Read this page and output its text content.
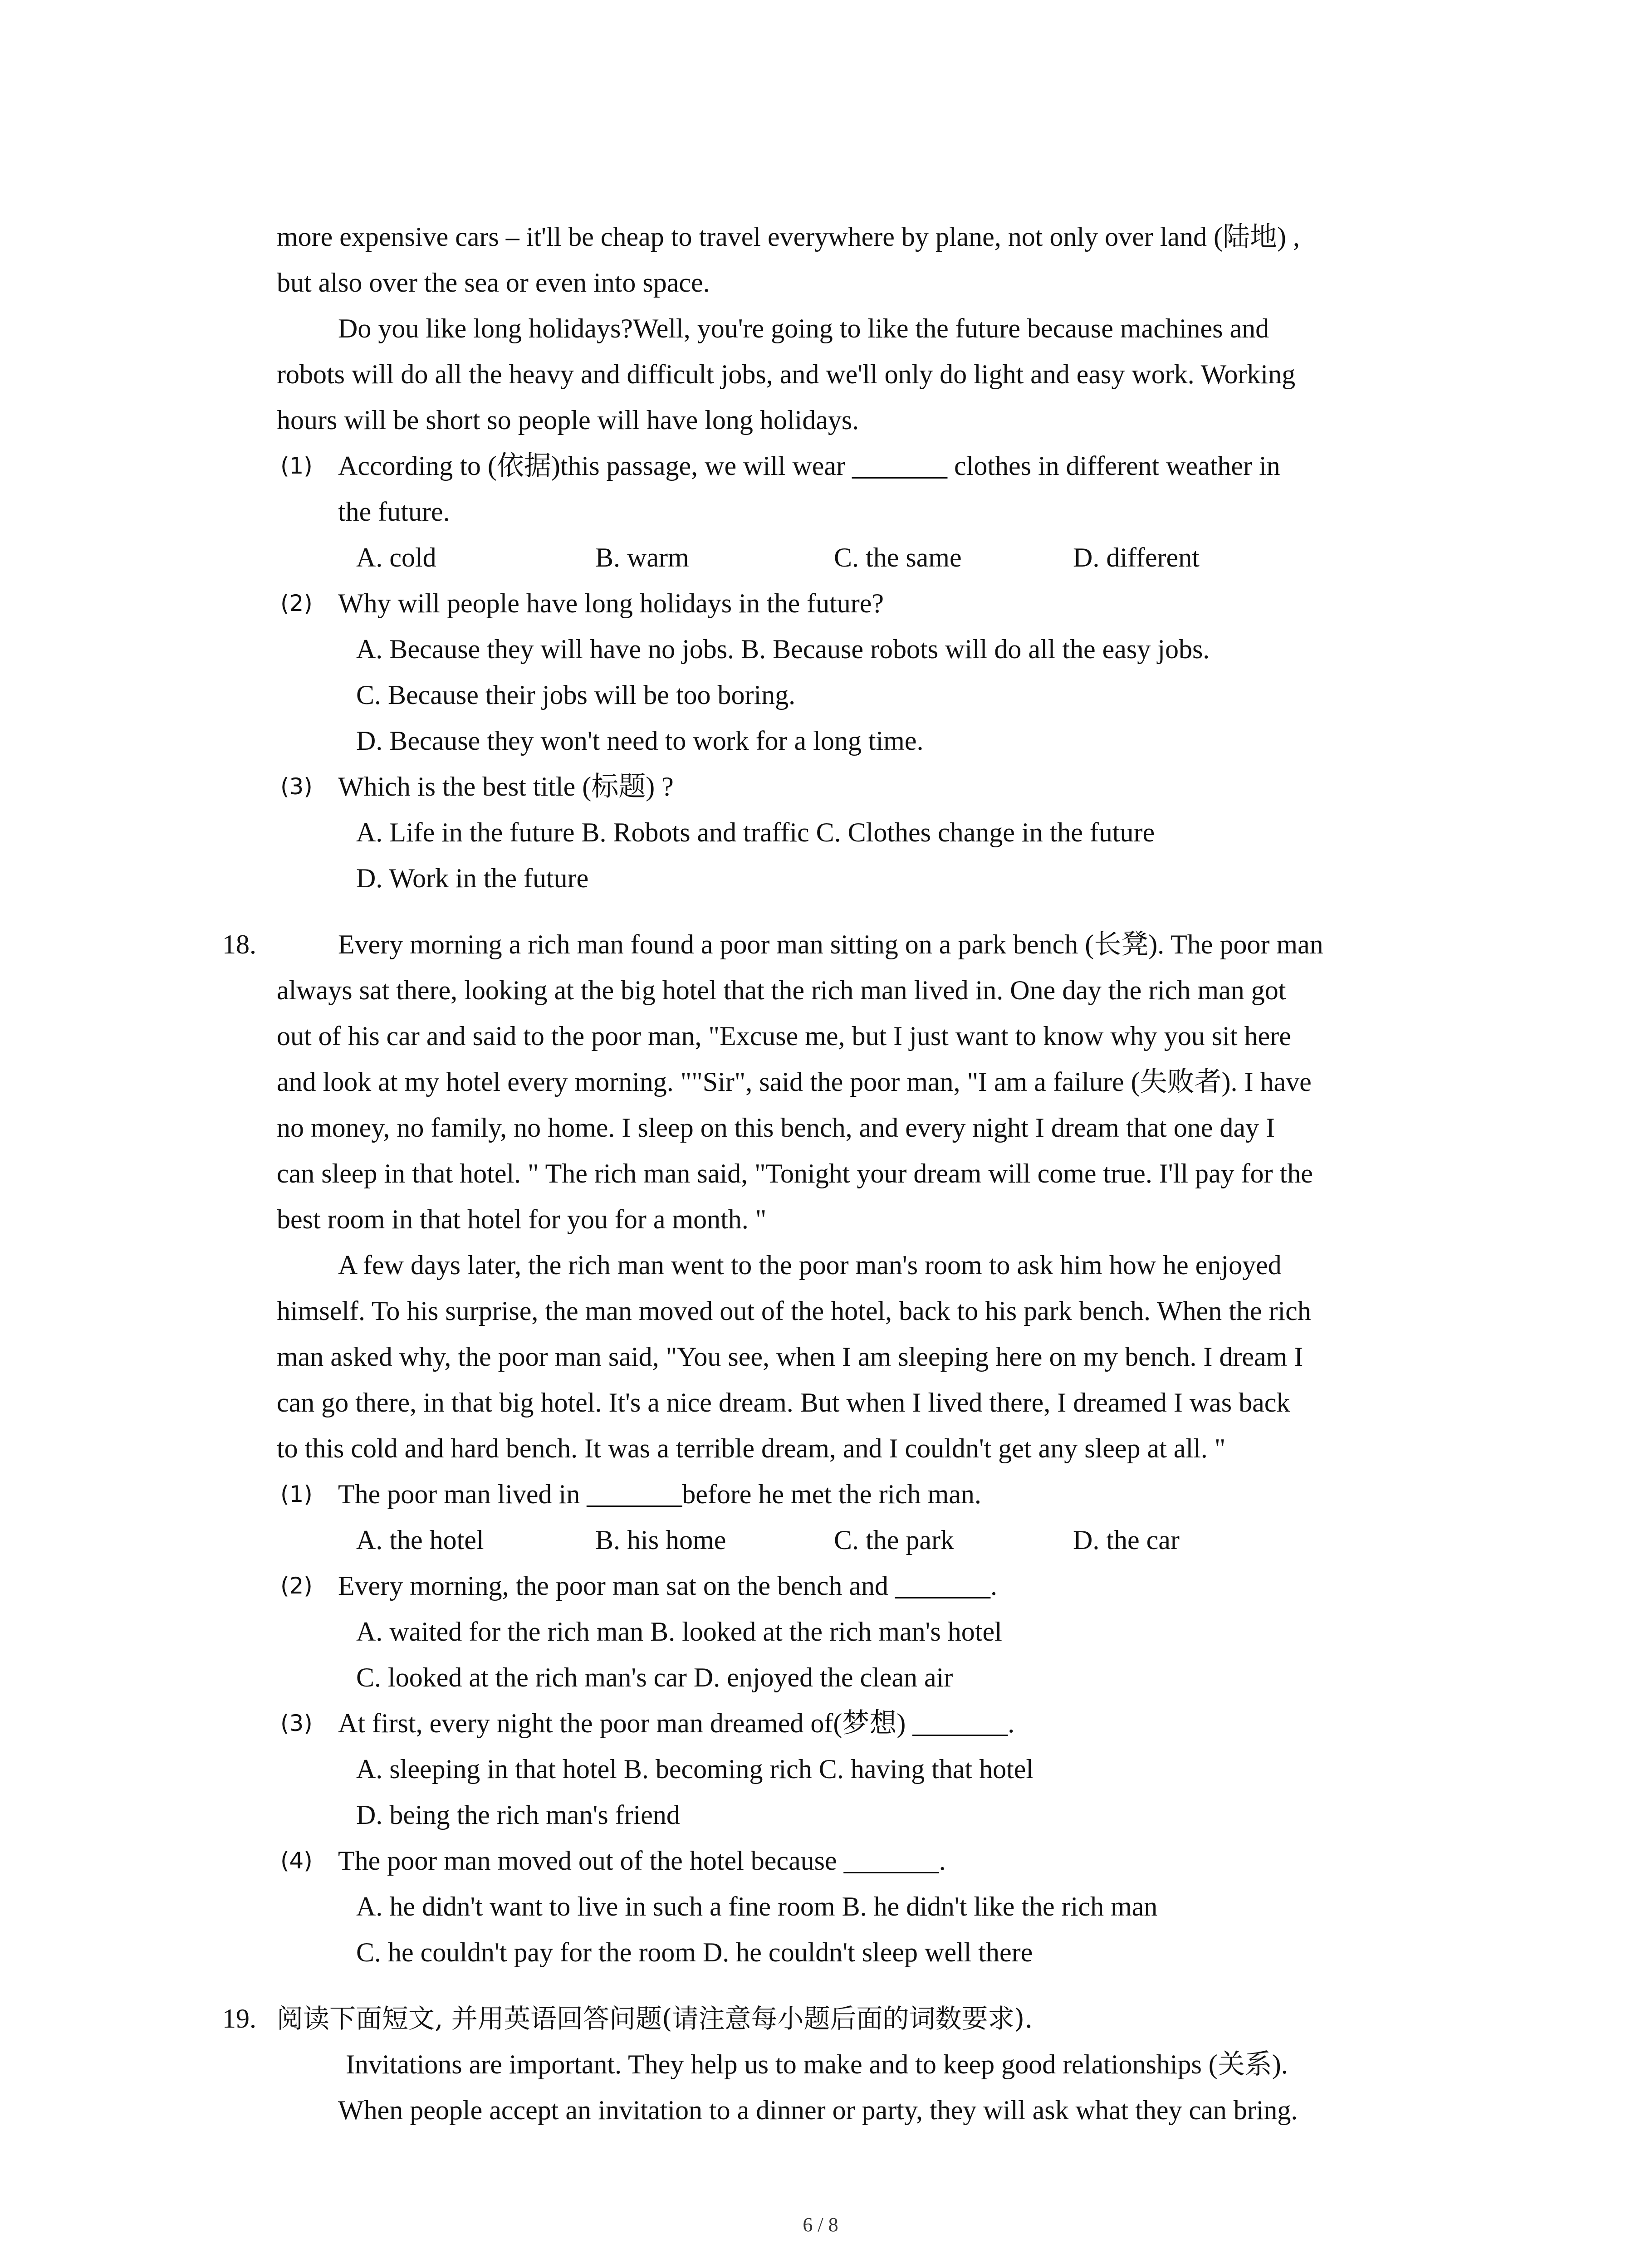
more expensive cars – it'll be cheap to travel everywhere by plane, not only over land (陆地) ,
but also over the sea or even into space.
Do you like long holidays?Well, you're going to like the future because machines and
robots will do all the heavy and difficult jobs, and we'll only do light and easy work. Working
hours will be short so people will have long holidays.
(1) According to (依据)this passage, we will wear _______ clothes in different weather in
the future.
A. cold	B. warm	C. the same	D. different
(2) Why will people have long holidays in the future?
A. Because they will have no jobs. B. Because robots will do all the easy jobs.
C. Because their jobs will be too boring.
D. Because they won't need to work for a long time.
(3) Which is the best title (标题) ?
A. Life in the future B. Robots and traffic C. Clothes change in the future
D. Work in the future
18.	Every morning a rich man found a poor man sitting on a park bench (长凳). The poor man
always sat there, looking at the big hotel that the rich man lived in. One day the rich man got
out of his car and said to the poor man, "Excuse me, but I just want to know why you sit here
and look at my hotel every morning. ""Sir", said the poor man, "I am a failure (失败者). I have
no money, no family, no home. I sleep on this bench, and every night I dream that one day I
can sleep in that hotel. " The rich man said, "Tonight your dream will come true. I'll pay for the
best room in that hotel for you for a month. "
A few days later, the rich man went to the poor man's room to ask him how he enjoyed
himself. To his surprise, the man moved out of the hotel, back to his park bench. When the rich
man asked why, the poor man said, "You see, when I am sleeping here on my bench. I dream I
can go there, in that big hotel. It's a nice dream. But when I lived there, I dreamed I was back
to this cold and hard bench. It was a terrible dream, and I couldn't get any sleep at all. "
(1) The poor man lived in _______before he met the rich man.
A. the hotel	B. his home	C. the park	D. the car
(2) Every morning, the poor man sat on the bench and _______.
A. waited for the rich man B. looked at the rich man's hotel
C. looked at the rich man's car D. enjoyed the clean air
(3) At first, every night the poor man dreamed of(梦想) _______.
A. sleeping in that hotel B. becoming rich C. having that hotel
D. being the rich man's friend
(4) The poor man moved out of the hotel because _______.
A. he didn't want to live in such a fine room B. he didn't like the rich man
C. he couldn't pay for the room D. he couldn't sleep well there
19. 阅读下面短文, 并用英语回答问题(请注意每小题后面的词数要求).
Invitations are important. They help us to make and to keep good relationships (关系).
When people accept an invitation to a dinner or party, they will ask what they can bring.
6 / 8
